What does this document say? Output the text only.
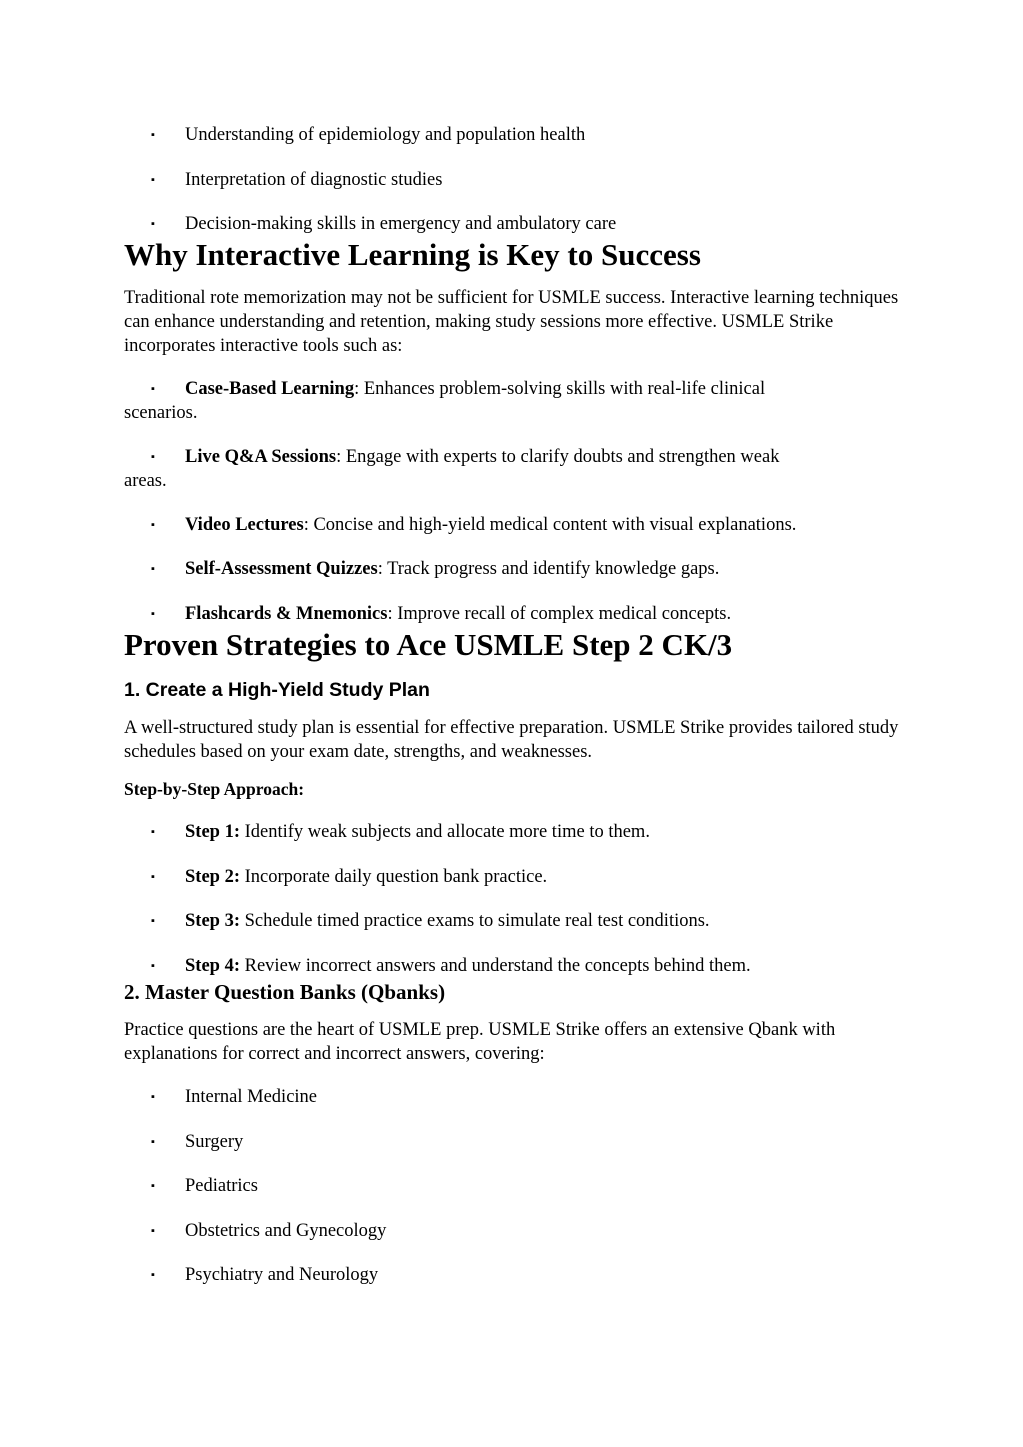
▪ Understanding of epidemiology and population health
▪ Interpretation of diagnostic studies
▪ Decision-making skills in emergency and ambulatory care
Why Interactive Learning is Key to Success
Traditional rote memorization may not be sufficient for USMLE success. Interactive learning techniques can enhance understanding and retention, making study sessions more effective. USMLE Strike incorporates interactive tools such as:
▪ Case-Based Learning: Enhances problem-solving skills with real-life clinical
scenarios.
▪ Live Q&A Sessions: Engage with experts to clarify doubts and strengthen weak
areas.
▪ Video Lectures: Concise and high-yield medical content with visual explanations.
▪ Self-Assessment Quizzes: Track progress and identify knowledge gaps.
▪ Flashcards & Mnemonics: Improve recall of complex medical concepts.
Proven Strategies to Ace USMLE Step 2 CK/3
1. Create a High-Yield Study Plan
A well-structured study plan is essential for effective preparation. USMLE Strike provides tailored study schedules based on your exam date, strengths, and weaknesses.
Step-by-Step Approach:
▪ Step 1: Identify weak subjects and allocate more time to them.
▪ Step 2: Incorporate daily question bank practice.
▪ Step 3: Schedule timed practice exams to simulate real test conditions.
▪ Step 4: Review incorrect answers and understand the concepts behind them.
2. Master Question Banks (Qbanks)
Practice questions are the heart of USMLE prep. USMLE Strike offers an extensive Qbank with explanations for correct and incorrect answers, covering:
▪ Internal Medicine
▪ Surgery
▪ Pediatrics
▪ Obstetrics and Gynecology
▪ Psychiatry and Neurology
